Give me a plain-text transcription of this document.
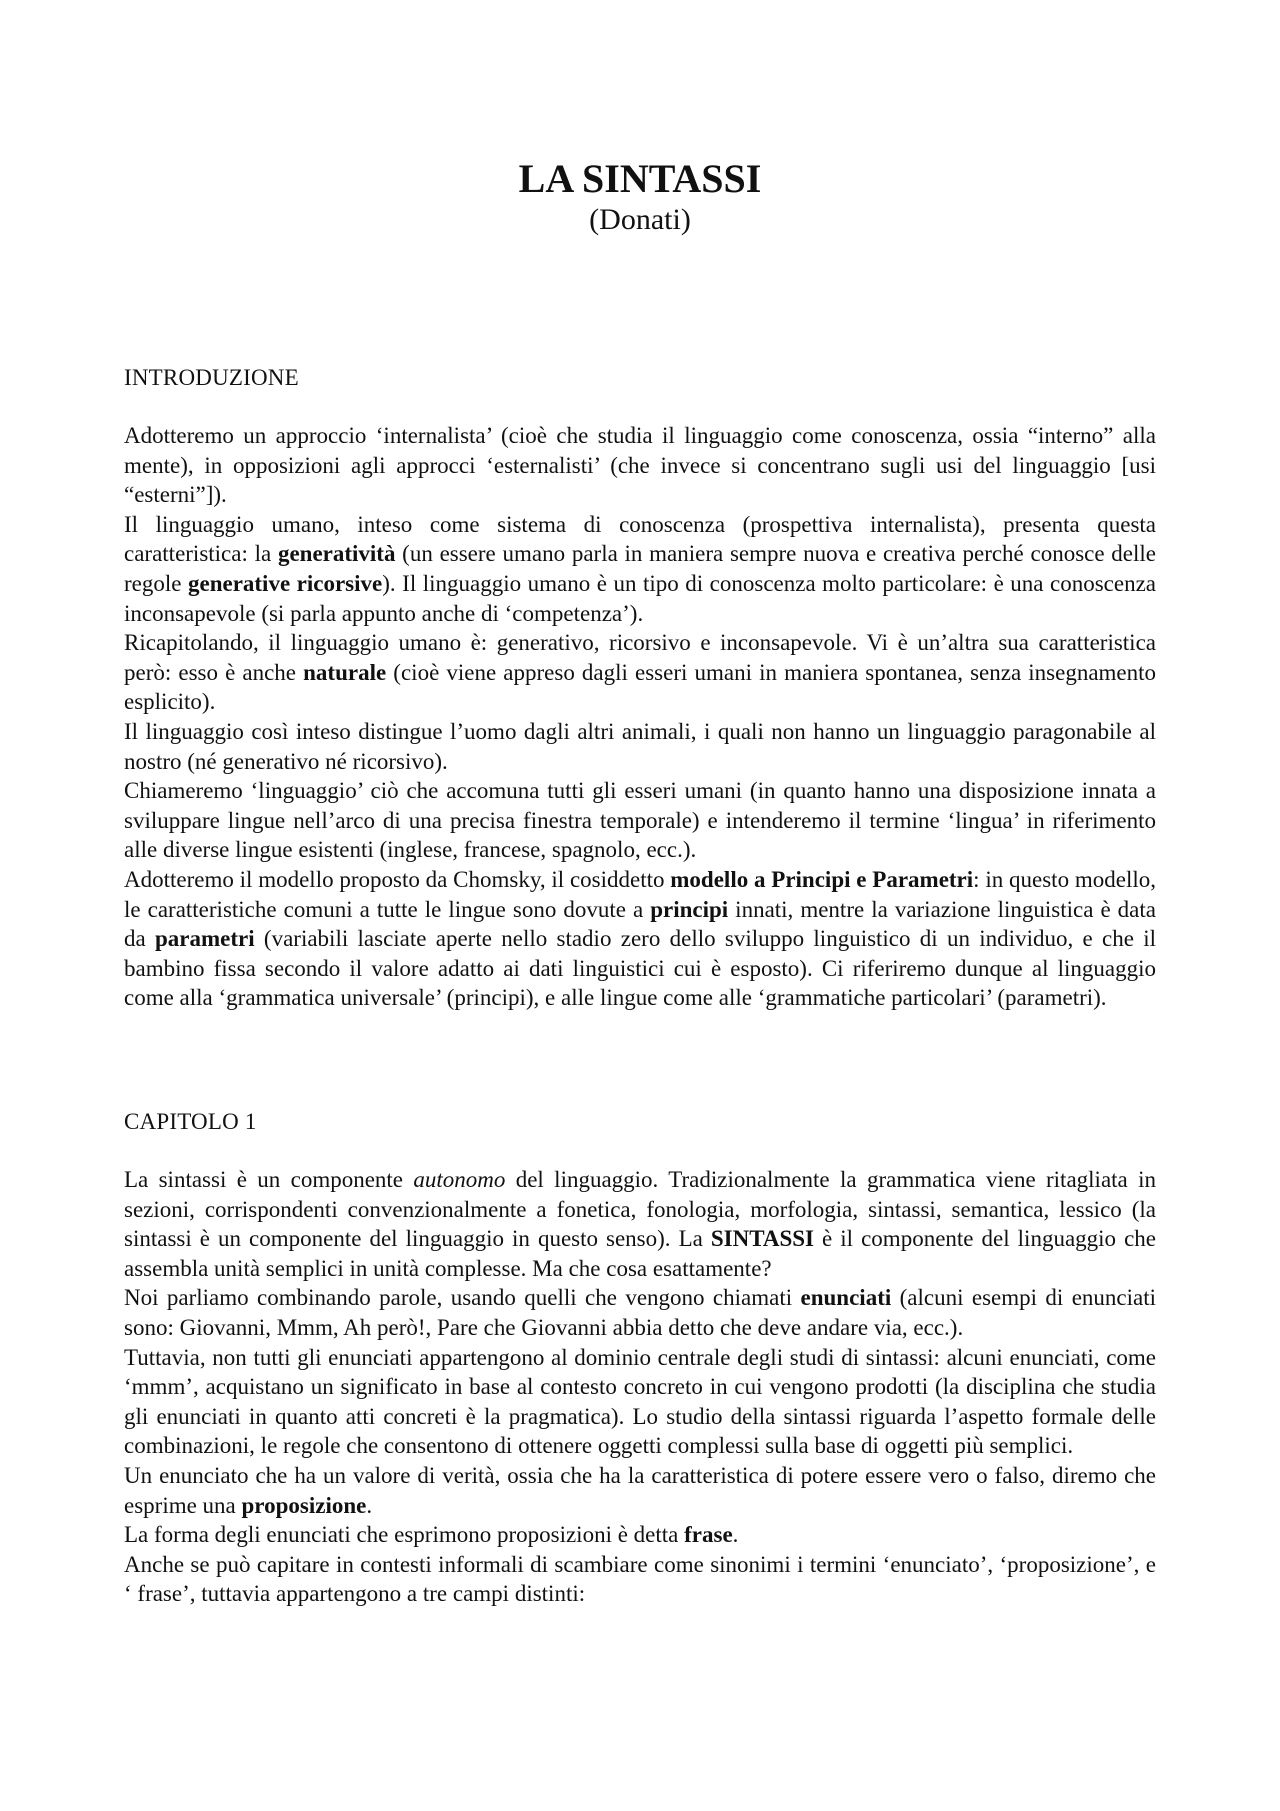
LA SINTASSI
(Donati)
INTRODUZIONE

Adotteremo un approccio ‘internalista’ (cioè che studia il linguaggio come conoscenza, ossia “interno” alla mente), in opposizioni agli approcci ‘esternalisti’ (che invece si concentrano sugli usi del linguaggio [usi “esterni”]).

Il linguaggio umano, inteso come sistema di conoscenza (prospettiva internalista), presenta questa caratteristica: la generatività (un essere umano parla in maniera sempre nuova e creativa perché conosce delle regole generative ricorsive). Il linguaggio umano è un tipo di conoscenza molto particolare: è una conoscenza inconsapevole (si parla appunto anche di ‘competenza’).

Ricapitolando, il linguaggio umano è: generativo, ricorsivo e inconsapevole. Vi è un’altra sua caratteristica però: esso è anche naturale (cioè viene appreso dagli esseri umani in maniera spontanea, senza insegnamento esplicito).

Il linguaggio così inteso distingue l’uomo dagli altri animali, i quali non hanno un linguaggio paragonabile al nostro (né generativo né ricorsivo).

Chiameremo ‘linguaggio’ ciò che accomuna tutti gli esseri umani (in quanto hanno una disposizione innata a sviluppare lingue nell’arco di una precisa finestra temporale) e intenderemo il termine ‘lingua’ in riferimento alle diverse lingue esistenti (inglese, francese, spagnolo, ecc.).

Adotteremo il modello proposto da Chomsky, il cosiddetto modello a Principi e Parametri: in questo modello, le caratteristiche comuni a tutte le lingue sono dovute a principi innati, mentre la variazione linguistica è data da parametri (variabili lasciate aperte nello stadio zero dello sviluppo linguistico di un individuo, e che il bambino fissa secondo il valore adatto ai dati linguistici cui è esposto). Ci riferiremo dunque al linguaggio come alla ‘grammatica universale’ (principi), e alle lingue come alle ‘grammatiche particolari’ (parametri).

CAPITOLO 1

La sintassi è un componente autonomo del linguaggio. Tradizionalmente la grammatica viene ritagliata in sezioni, corrispondenti convenzionalmente a fonetica, fonologia, morfologia, sintassi, semantica, lessico (la sintassi è un componente del linguaggio in questo senso). La SINTASSI è il componente del linguaggio che assembla unità semplici in unità complesse. Ma che cosa esattamente?

Noi parliamo combinando parole, usando quelli che vengono chiamati enunciati (alcuni esempi di enunciati sono: Giovanni, Mmm, Ah però!, Pare che Giovanni abbia detto che deve andare via, ecc.).

Tuttavia, non tutti gli enunciati appartengono al dominio centrale degli studi di sintassi: alcuni enunciati, come ‘mmm’, acquistano un significato in base al contesto concreto in cui vengono prodotti (la disciplina che studia gli enunciati in quanto atti concreti è la pragmatica). Lo studio della sintassi riguarda l’aspetto formale delle combinazioni, le regole che consentono di ottenere oggetti complessi sulla base di oggetti più semplici.

Un enunciato che ha un valore di verità, ossia che ha la caratteristica di potere essere vero o falso, diremo che esprime una proposizione.

La forma degli enunciati che esprimono proposizioni è detta frase.

Anche se può capitare in contesti informali di scambiare come sinonimi i termini ‘enunciato’, ‘proposizione’, e ‘ frase’, tuttavia appartengono a tre campi distinti:
